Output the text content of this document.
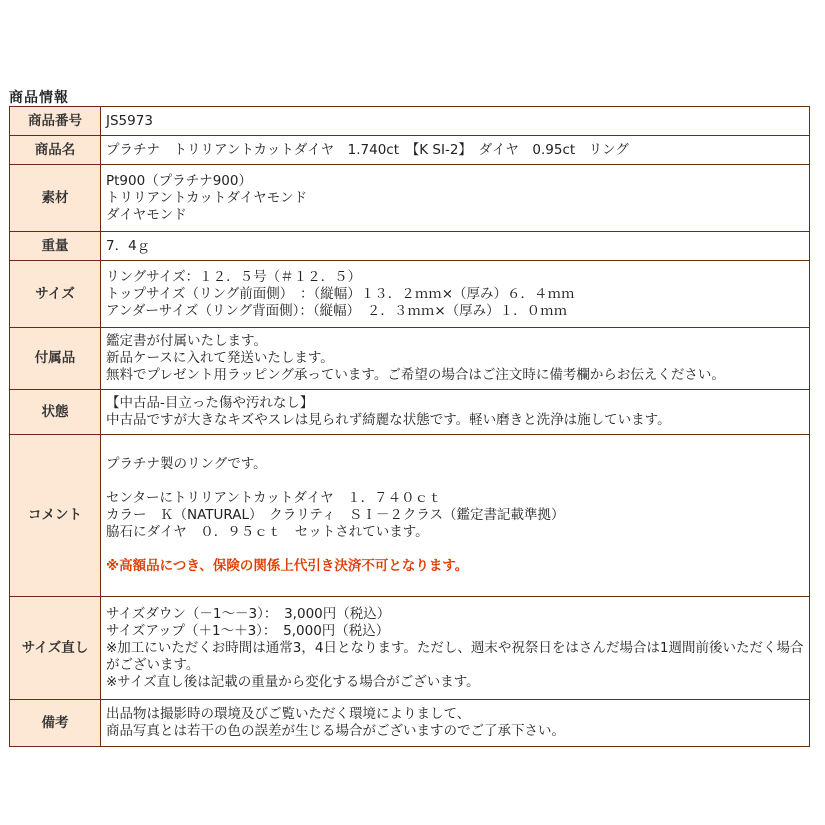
商品情報
商品番号	JS5973
商品名	プラチナ　トリリアントカットダイヤ　1.740ct　【K SI-2】　ダイヤ　0.95ct　リング
素材	Pt900（プラチナ900）
トリリアントカットダイヤモンド
ダイヤモンド

重量	7．4ｇ
サイズ	リングサイズ：１２．５号（＃１２．５）
トップサイズ（リング前面側）　：（縦幅）１３．２ｍｍ×（厚み）６．４ｍｍ
アンダーサイズ（リング背面側）：（縦幅）　２．３ｍｍ×（厚み）１．０ｍｍ

付属品	鑑定書が付属いたします。
新品ケースに入れて発送いたします。
無料でプレゼント用ラッピング承っています。ご希望の場合はご注文時に備考欄からお伝えください。

状態	【中古品-目立った傷や汚れなし】
中古品ですが大きなキズやスレは見られず綺麗な状態です。軽い磨きと洗浄は施しています。

コメント	プラチナ製のリングです。
センターにトリリアントカットダイヤ　１．７４０ｃｔ
カラー　Ｋ（NATURAL）　クラリティ　ＳＩ－２クラス（鑑定書記載準拠）
脇石にダイヤ　０．９５ｃｔ　セットされています。
※高額品につき、保険の関係上代引き決済不可となります。

サイズ直し	サイズダウン（－1～－3）：　3,000円（税込）
サイズアップ（＋1～＋3）：　5,000円（税込）
※加工にいただくお時間は通常3，4日となります。ただし、週末や祝祭日をはさんだ場合は1週間前後いただく場合がございます。
※サイズ直し後は記載の重量から変化する場合がございます。

備考	出品物は撮影時の環境及びご覧いただく環境によりまして、
商品写真とは若干の色の誤差が生じる場合がございますのでご了承下さい。
